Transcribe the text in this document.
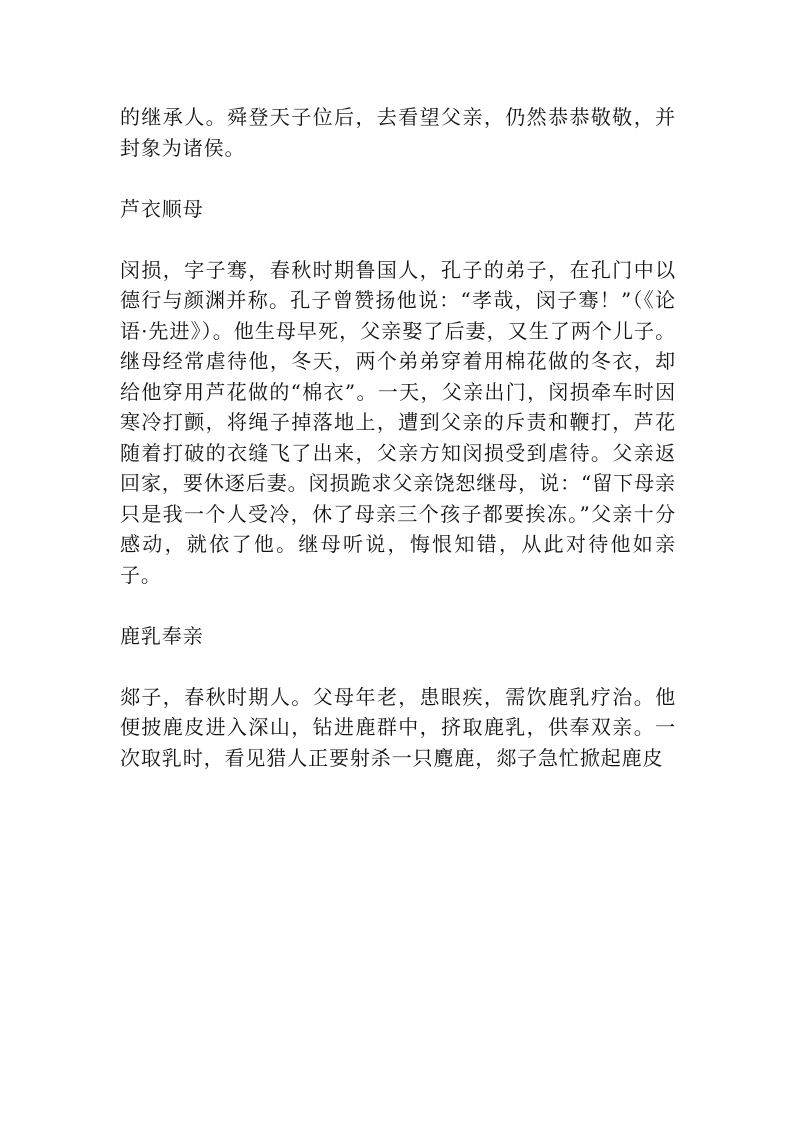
的继承人。舜登天子位后，去看望父亲，仍然恭恭敬敬，并封象为诸侯。

芦衣顺母

闵损，字子骞，春秋时期鲁国人，孔子的弟子，在孔门中以德行与颜渊并称。孔子曾赞扬他说：“孝哉，闵子骞！”（《论语·先进》）。他生母早死，父亲娶了后妻，又生了两个儿子。继母经常虐待他，冬天，两个弟弟穿着用棉花做的冬衣，却给他穿用芦花做的“棉衣”。一天，父亲出门，闵损牵车时因寒冷打颤，将绳子掉落地上，遭到父亲的斥责和鞭打，芦花随着打破的衣缝飞了出来，父亲方知闵损受到虐待。父亲返回家，要休逐后妻。闵损跪求父亲饶恕继母，说：“留下母亲只是我一个人受冷，休了母亲三个孩子都要挨冻。”父亲十分感动，就依了他。继母听说，悔恨知错，从此对待他如亲子。

鹿乳奉亲

郯子，春秋时期人。父母年老，患眼疾，需饮鹿乳疗治。他便披鹿皮进入深山，钻进鹿群中，挤取鹿乳，供奉双亲。一次取乳时，看见猎人正要射杀一只麑鹿，郯子急忙掀起鹿皮
